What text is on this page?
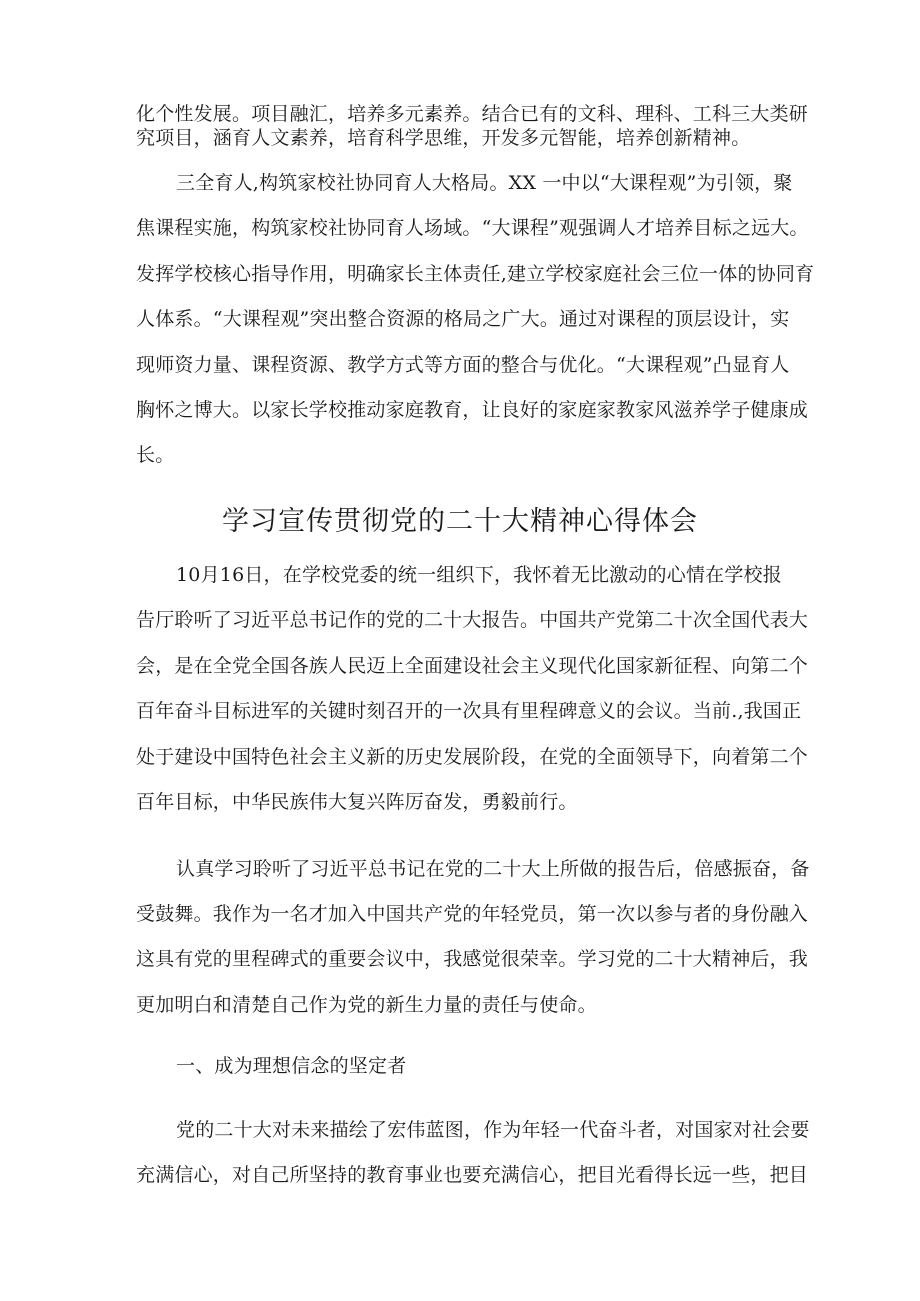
化个性发展。项目融汇，培养多元素养。结合已有的文科、理科、工科三大类研
究项目，涵育人文素养，培育科学思维，开发多元智能，培养创新精神。
三全育人,构筑家校社协同育人大格局。XX 一中以“大课程观”为引领，聚
焦课程实施，构筑家校社协同育人场域。“大课程”观强调人才培养目标之远大。
发挥学校核心指导作用，明确家长主体责任,建立学校家庭社会三位一体的协同育
人体系。“大课程观”突出整合资源的格局之广大。通过对课程的顶层设计，实
现师资力量、课程资源、教学方式等方面的整合与优化。“大课程观”凸显育人
胸怀之博大。以家长学校推动家庭教育，让良好的家庭家教家风滋养学子健康成
长。
学习宣传贯彻党的二十大精神心得体会
10月16日，在学校党委的统一组织下，我怀着无比激动的心情在学校报
告厅聆听了习近平总书记作的党的二十大报告。中国共产党第二十次全国代表大
会，是在全党全国各族人民迈上全面建设社会主义现代化国家新征程、向第二个
百年奋斗目标进军的关键时刻召开的一次具有里程碑意义的会议。当前.,我国正
处于建设中国特色社会主义新的历史发展阶段，在党的全面领导下，向着第二个
百年目标，中华民族伟大复兴阵厉奋发，勇毅前行。
认真学习聆听了习近平总书记在党的二十大上所做的报告后，倍感振奋，备
受鼓舞。我作为一名才加入中国共产党的年轻党员，第一次以参与者的身份融入
这具有党的里程碑式的重要会议中，我感觉很荣幸。学习党的二十大精神后，我
更加明白和清楚自己作为党的新生力量的责任与使命。
一、成为理想信念的坚定者
党的二十大对未来描绘了宏伟蓝图，作为年轻一代奋斗者，对国家对社会要
充满信心，对自己所坚持的教育事业也要充满信心，把目光看得长远一些，把目
